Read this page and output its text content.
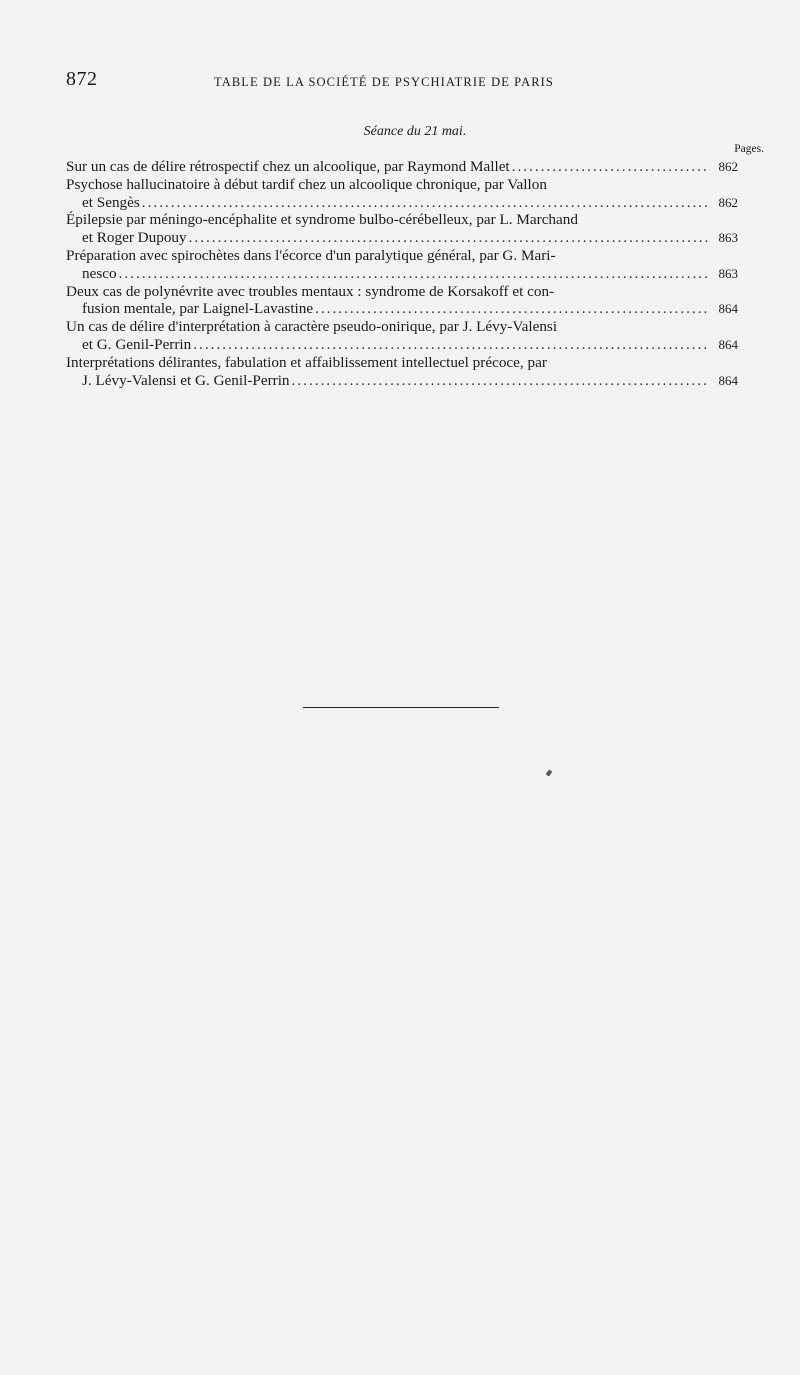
872	TABLE DE LA SOCIÉTÉ DE PSYCHIATRIE DE PARIS
Séance du 21 mai.
Pages.
Sur un cas de délire rétrospectif chez un alcoolique, par Raymond Mallet .....	862
Psychose hallucinatoire à début tardif chez un alcoolique chronique, par Vallon
et Sengès .....	862
Épilepsie par méningo-encéphalite et syndrome bulbo-cérébelleux, par L. Marchand
et Roger Dupouy .....	863
Préparation avec spirochètes dans l'écorce d'un paralytique général, par G. Mari-
nesco .....	863
Deux cas de polynévrite avec troubles mentaux : syndrome de Korsakoff et con-
fusion mentale, par Laignel-Lavastine .....	864
Un cas de délire d'interprétation à caractère pseudo-onirique, par J. Lévy-Valensi
et G. Genil-Perrin .....	864
Interprétations délirantes, fabulation et affaiblissement intellectuel précoce, par
J. Lévy-Valensi et G. Genil-Perrin .....	864
